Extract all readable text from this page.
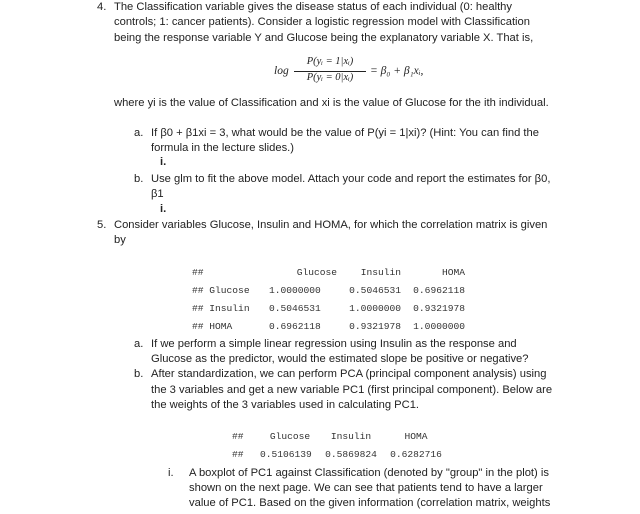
4. The Classification variable gives the disease status of each individual (0: healthy
controls; 1: cancer patients). Consider a logistic regression model with Classification
being the response variable Y and Glucose being the explanatory variable X. That is,
log
P(yᵢ = 1|xᵢ)
P(yᵢ = 0|xᵢ)
= β₀ + β₁xᵢ,
where yi is the value of Classification and xi is the value of Glucose for the ith individual.
a. If β0 + β1xi = 3, what would be the value of P(yi = 1|xi)? (Hint: You can find the
formula in the lecture slides.)
i.
b. Use glm to fit the above model. Attach your code and report the estimates for β0,
β1
i.
5. Consider variables Glucose, Insulin and HOMA, for which the correlation matrix is given
by
##	Glucose	Insulin	HOMA
## Glucose	1.0000000	0.5046531	0.6962118
## Insulin	0.5046531	1.0000000	0.9321978
## HOMA	0.6962118	0.9321978	1.0000000
a. If we perform a simple linear regression using Insulin as the response and
Glucose as the predictor, would the estimated slope be positive or negative?
b. After standardization, we can perform PCA (principal component analysis) using
the 3 variables and get a new variable PC1 (first principal component). Below are
the weights of the 3 variables used in calculating PC1.
##	Glucose	Insulin	HOMA
##	0.5106139	0.5869824	0.6282716
i. A boxplot of PC1 against Classification (denoted by "group" in the plot) is
shown on the next page. We can see that patients tend to have a larger
value of PC1. Based on the given information (correlation matrix, weights
